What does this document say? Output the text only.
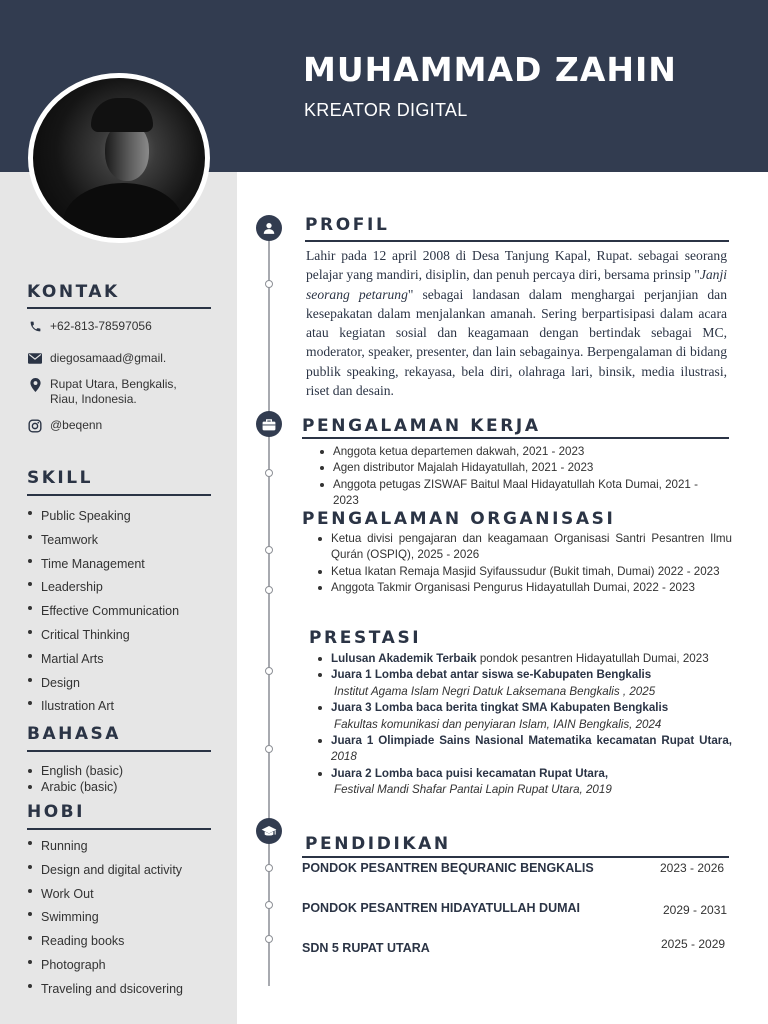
MUHAMMAD ZAHIN
KREATOR DIGITAL
KONTAK
+62-813-78597056
diegosamaad@gmail.
Rupat Utara, Bengkalis,
Riau, Indonesia.
@beqenn
SKILL
Public Speaking
Teamwork
Time Management
Leadership
Effective Communication
Critical Thinking
Martial Arts
Design
Ilustration Art
BAHASA
English (basic)
Arabic (basic)
HOBI
Running
Design and digital activity
Work Out
Swimming
Reading books
Photograph
Traveling and dsicovering
PROFIL
Lahir pada 12 april 2008 di Desa Tanjung Kapal, Rupat. sebagai seorang pelajar yang mandiri, disiplin, dan penuh percaya diri, bersama prinsip "Janji seorang petarung" sebagai landasan dalam menghargai perjanjian dan kesepakatan dalam menjalankan amanah. Sering berpartisipasi dalam acara atau kegiatan sosial dan keagamaan dengan bertindak sebagai MC, moderator, speaker, presenter, dan lain sebagainya. Berpengalaman di bidang publik speaking, rekayasa, bela diri, olahraga lari, binsik, media ilustrasi, riset dan desain.
PENGALAMAN KERJA
Anggota ketua departemen dakwah, 2021 - 2023
Agen distributor Majalah Hidayatullah, 2021 - 2023
Anggota petugas ZISWAF Baitul Maal Hidayatullah Kota Dumai, 2021 - 2023
PENGALAMAN ORGANISASI
Ketua divisi pengajaran dan keagamaan Organisasi Santri Pesantren Ilmu Qurán (OSPIQ), 2025 - 2026
Ketua Ikatan Remaja Masjid Syifaussudur (Bukit timah, Dumai) 2022 - 2023
Anggota Takmir Organisasi Pengurus Hidayatullah Dumai, 2022 - 2023
PRESTASI
Lulusan Akademik Terbaik pondok pesantren Hidayatullah Dumai, 2023
Juara 1 Lomba debat antar siswa se-Kabupaten Bengkalis
Institut Agama Islam Negri Datuk Laksemana Bengkalis , 2025
Juara 3 Lomba baca berita tingkat SMA Kabupaten Bengkalis
Fakultas komunikasi dan penyiaran Islam, IAIN Bengkalis, 2024
Juara 1 Olimpiade Sains Nasional Matematika kecamatan Rupat Utara, 2018
Juara 2 Lomba baca puisi kecamatan Rupat Utara,
Festival Mandi Shafar Pantai Lapin Rupat Utara, 2019
PENDIDIKAN
PONDOK PESANTREN BEQURANIC BENGKALIS	2023 - 2026
PONDOK PESANTREN HIDAYATULLAH DUMAI	2029 - 2031
SDN 5 RUPAT UTARA	2025 - 2029
